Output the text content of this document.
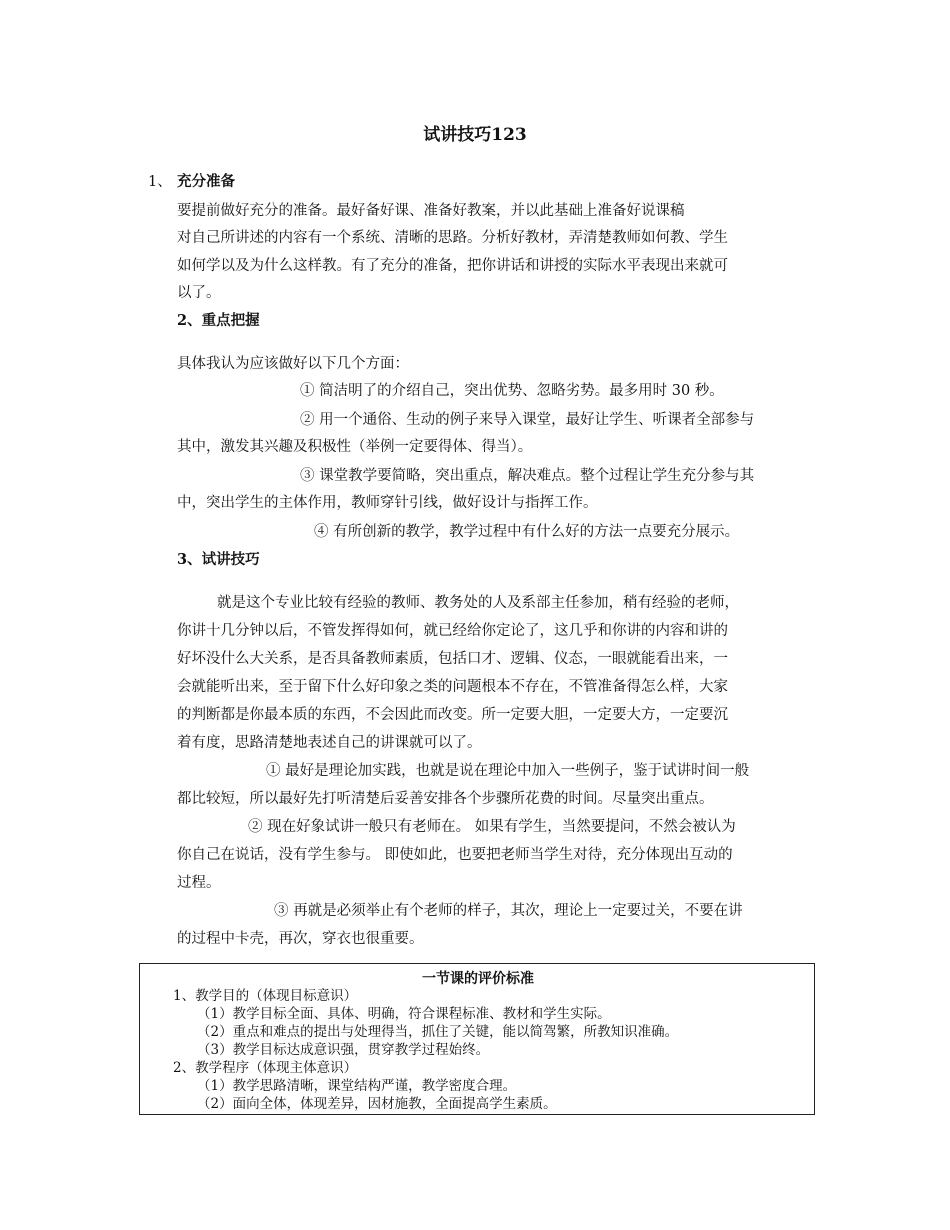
试讲技巧123
1、 充分准备
要提前做好充分的准备。最好备好课、准备好教案，并以此基础上准备好说课稿
对自己所讲述的内容有一个系统、清晰的思路。分析好教材，弄清楚教师如何教、学生
如何学以及为什么这样教。有了充分的准备，把你讲话和讲授的实际水平表现出来就可
以了。
2、重点把握
具体我认为应该做好以下几个方面：
① 简洁明了的介绍自己，突出优势、忽略劣势。最多用时 30 秒。
② 用一个通俗、生动的例子来导入课堂，最好让学生、听课者全部参与
其中，激发其兴趣及积极性（举例一定要得体、得当）。
③ 课堂教学要简略，突出重点，解决难点。整个过程让学生充分参与其
中，突出学生的主体作用，教师穿针引线，做好设计与指挥工作。
④ 有所创新的教学，教学过程中有什么好的方法一点要充分展示。
3、试讲技巧
就是这个专业比较有经验的教师、教务处的人及系部主任参加，稍有经验的老师，
你讲十几分钟以后，不管发挥得如何，就已经给你定论了，这几乎和你讲的内容和讲的
好坏没什么大关系，是否具备教师素质，包括口才、逻辑、仪态，一眼就能看出来，一
会就能听出来，至于留下什么好印象之类的问题根本不存在，不管准备得怎么样，大家
的判断都是你最本质的东西，不会因此而改变。所一定要大胆，一定要大方，一定要沉
着有度，思路清楚地表述自己的讲课就可以了。
① 最好是理论加实践，也就是说在理论中加入一些例子，鉴于试讲时间一般
都比较短，所以最好先打听清楚后妥善安排各个步骤所花费的时间。尽量突出重点。
② 现在好象试讲一般只有老师在。 如果有学生，当然要提问，不然会被认为
你自己在说话，没有学生参与。 即使如此，也要把老师当学生对待，充分体现出互动的
过程。
③ 再就是必须举止有个老师的样子，其次，理论上一定要过关，不要在讲
的过程中卡壳，再次，穿衣也很重要。
一节课的评价标准
1、教学目的（体现目标意识）
（1）教学目标全面、具体、明确，符合课程标准、教材和学生实际。
（2）重点和难点的提出与处理得当，抓住了关键，能以简驾繁，所教知识准确。
（3）教学目标达成意识强，贯穿教学过程始终。
2、教学程序（体现主体意识）
（1）教学思路清晰，课堂结构严谨，教学密度合理。
（2）面向全体，体现差异，因材施教，全面提高学生素质。
